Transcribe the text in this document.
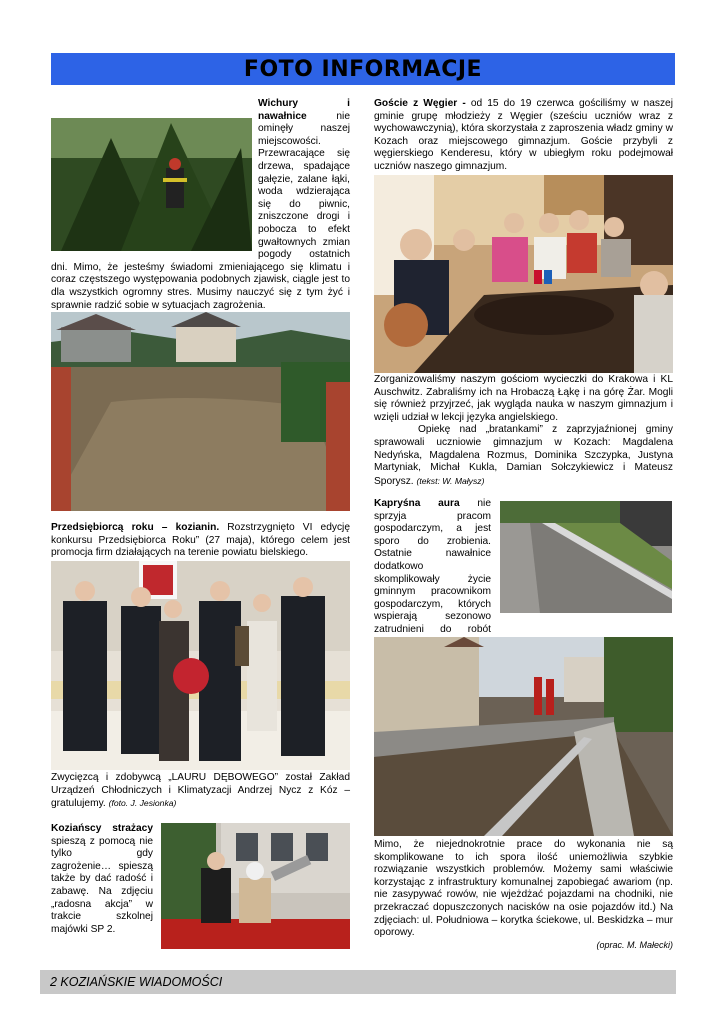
FOTO INFORMACJE

Wichury i nawałnice	nie ominęły naszej miejscowości. Przewracające się drzewa, spadające gałęzie, zalane łąki, woda wdzierająca się do piwnic, zniszczone drogi i pobocza to efekt gwałtownych zmian pogody ostatnich dni. Mimo, że jesteśmy świadomi zmieniającego się klimatu i coraz częstszego występowania podobnych zjawisk, ciągle jest to dla wszystkich ogromny stres. Musimy nauczyć się z tym żyć i sprawnie radzić sobie w sytuacjach zagrożenia.

Przedsiębiorcą roku – kozianin. Rozstrzygnięto VI edycję konkursu Przedsiębiorca Roku” (27 maja), którego celem jest promocja firm działających na terenie powiatu bielskiego.

Zwycięzcą i zdobywcą „LAURU DĘBOWEGO” został Zakład Urządzeń Chłodniczych i Klimatyzacji Andrzej Nycz z Kóz – gratulujemy. (foto. J. Jesionka)

Koziańscy strażacy spieszą z pomocą nie tylko gdy zagrożenie… spieszą także by dać radość i zabawę. Na zdjęciu „radosna akcja” w trakcie szkolnej majówki SP 2.

Goście z Węgier - od 15 do 19 czerwca gościliśmy w naszej gminie grupę młodzieży z Węgier (sześciu uczniów wraz z wychowawczynią), która skorzystała z zaproszenia władz gminy w Kozach oraz miejscowego gimnazjum. Goście przybyli z węgierskiego Kenderesu, który w ubiegłym roku podejmował uczniów naszego gimnazjum.

Zorganizowaliśmy naszym gościom wycieczki do Krakowa i KL Auschwitz. Zabraliśmy ich na Hrobaczą Łąkę i na górę Żar. Mogli się również przyjrzeć, jak wygląda nauka w naszym gimnazjum i wzięli udział w lekcji języka angielskiego.

Opiekę nad „bratankami” z zaprzyjaźnionej gminy sprawowali uczniowie gimnazjum w Kozach: Magdalena Nedyńska, Magdalena Rozmus, Dominika Szczypka, Justyna Martyniak, Michał Kukla, Damian Sołczykiewicz i Mateusz Sporysz. (tekst: W. Małysz)

Kapryśna aura nie sprzyja pracom gospodarczym, a jest sporo do zrobienia. Ostatnie nawałnice dodatkowo skomplikowały życie gminnym pracownikom gospodarczym, których wspierają sezonowo zatrudnieni do robót

Mimo, że niejednokrotnie prace do wykonania nie są skomplikowane to ich spora ilość uniemożliwia szybkie rozwiązanie wszystkich problemów. Możemy sami właściwie korzystając z infrastruktury komunalnej zapobiegać awariom (np. nie zasypywać rowów, nie wjeżdżać pojazdami na chodniki, nie przekraczać dopuszczonych nacisków na osie pojazdów itd.) Na zdjęciach: ul. Południowa – korytka ściekowe, ul. Beskidzka – mur oporowy.

(oprac. M. Małecki)

2 KOZIAŃSKIE WIADOMOŚCI
